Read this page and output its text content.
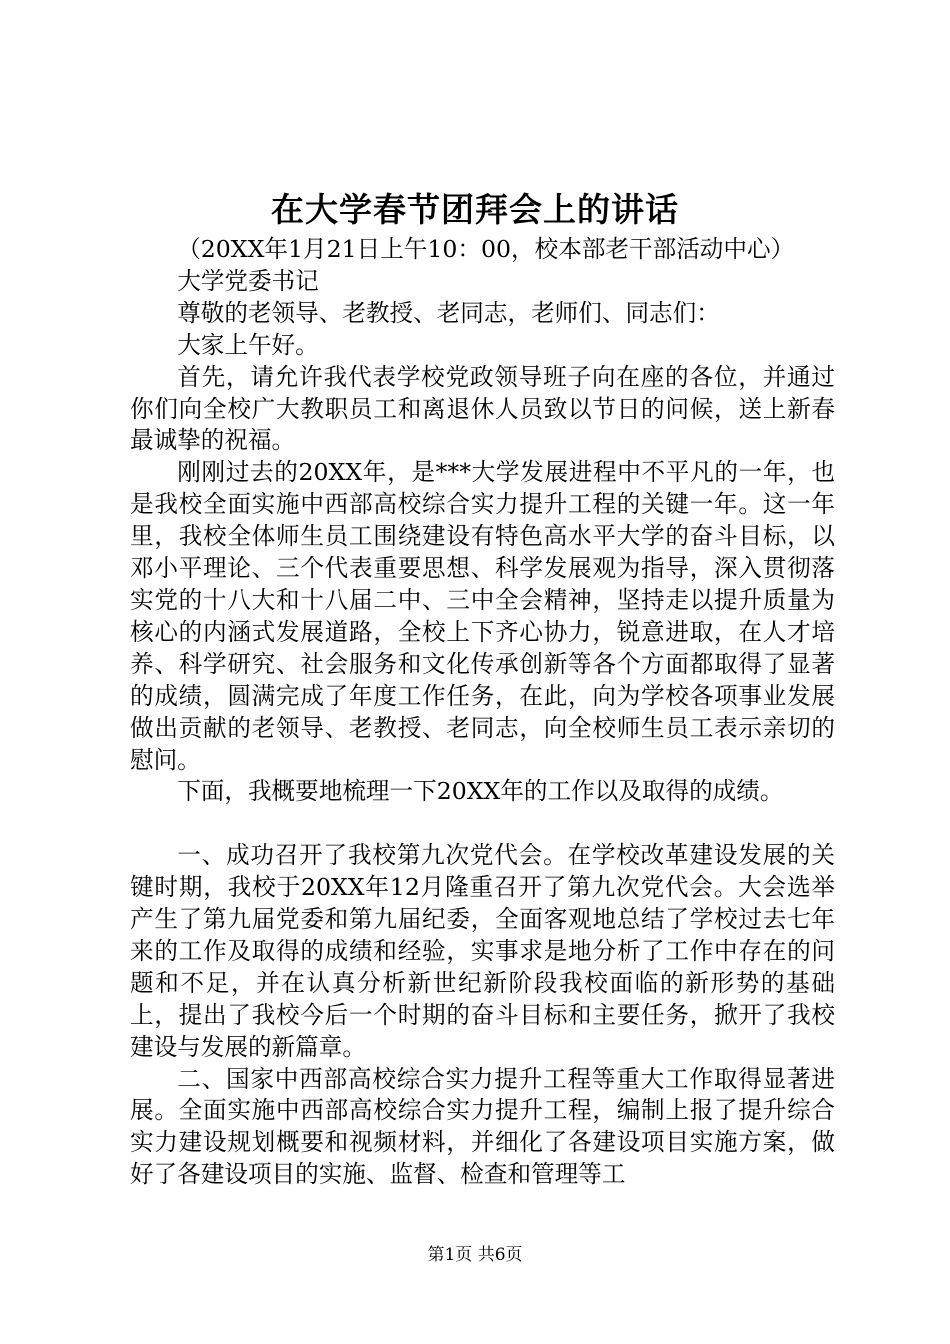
在大学春节团拜会上的讲话

（20XX年1月21日上午10：00，校本部老干部活动中心）

大学党委书记

尊敬的老领导、老教授、老同志，老师们、同志们：

大家上午好。

首先，请允许我代表学校党政领导班子向在座的各位，并通过你们向全校广大教职员工和离退休人员致以节日的问候，送上新春最诚挚的祝福。

刚刚过去的20XX年，是***大学发展进程中不平凡的一年，也是我校全面实施中西部高校综合实力提升工程的关键一年。这一年里，我校全体师生员工围绕建设有特色高水平大学的奋斗目标，以邓小平理论、三个代表重要思想、科学发展观为指导，深入贯彻落实党的十八大和十八届二中、三中全会精神，坚持走以提升质量为核心的内涵式发展道路，全校上下齐心协力，锐意进取，在人才培养、科学研究、社会服务和文化传承创新等各个方面都取得了显著的成绩，圆满完成了年度工作任务，在此，向为学校各项事业发展做出贡献的老领导、老教授、老同志，向全校师生员工表示亲切的慰问。

下面，我概要地梳理一下20XX年的工作以及取得的成绩。

一、成功召开了我校第九次党代会。在学校改革建设发展的关键时期，我校于20XX年12月隆重召开了第九次党代会。大会选举产生了第九届党委和第九届纪委，全面客观地总结了学校过去七年来的工作及取得的成绩和经验，实事求是地分析了工作中存在的问题和不足，并在认真分析新世纪新阶段我校面临的新形势的基础上，提出了我校今后一个时期的奋斗目标和主要任务，掀开了我校建设与发展的新篇章。

二、国家中西部高校综合实力提升工程等重大工作取得显著进展。全面实施中西部高校综合实力提升工程，编制上报了提升综合实力建设规划概要和视频材料，并细化了各建设项目实施方案，做好了各建设项目的实施、监督、检查和管理等工

第1页 共6页
